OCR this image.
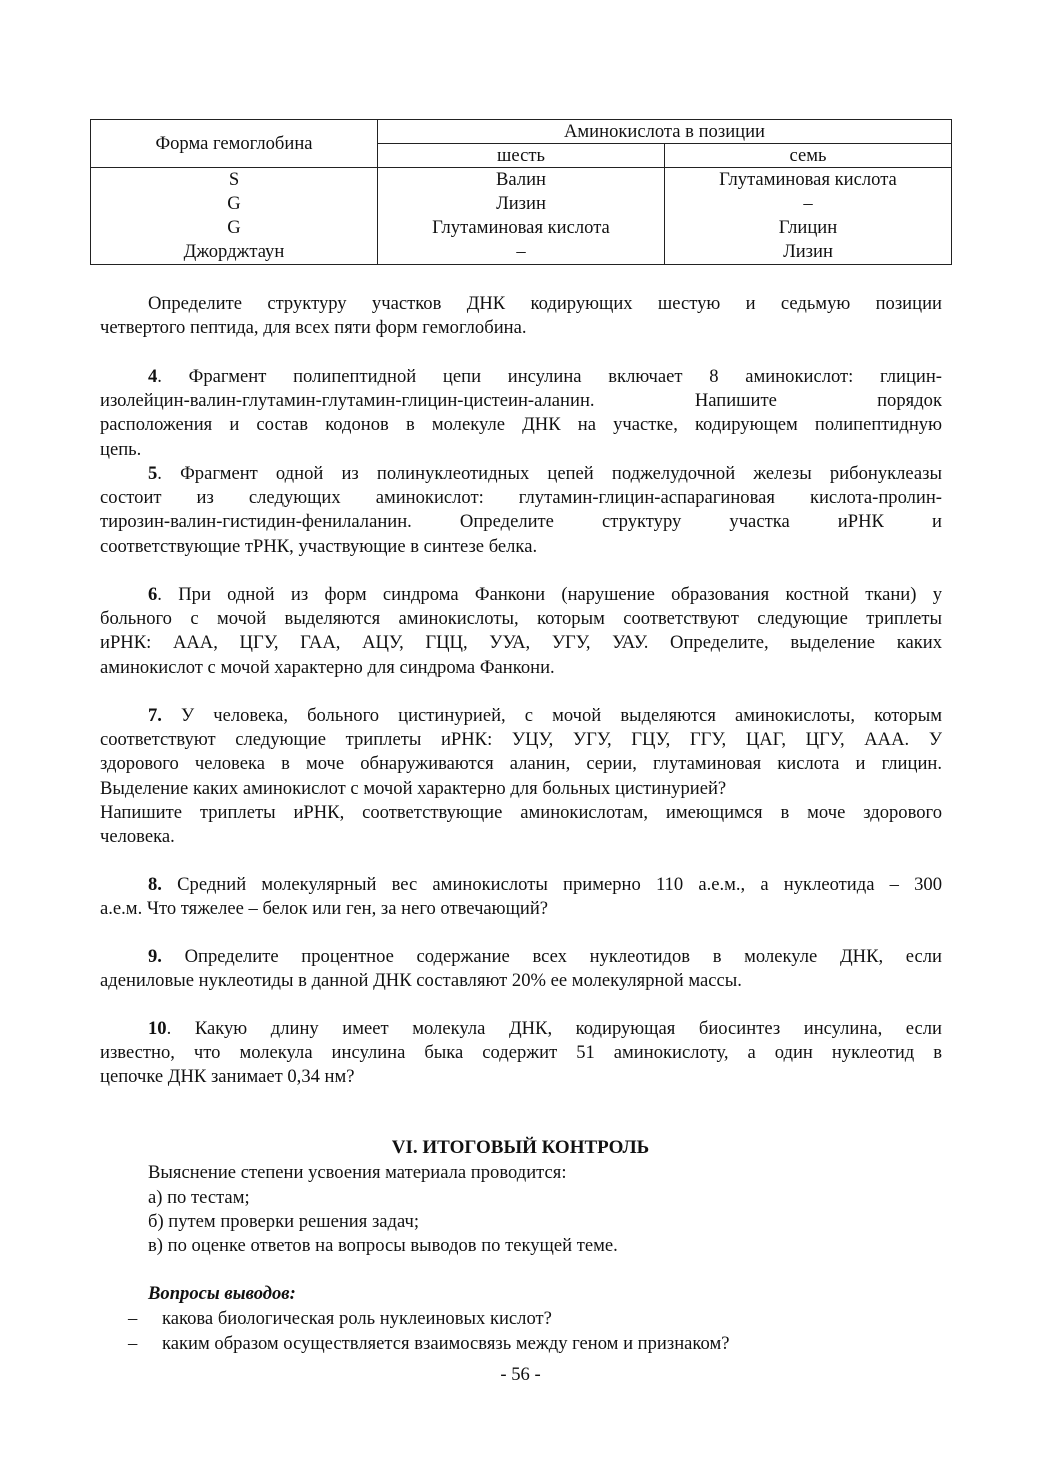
Форма гемоглобина	Аминокислота в позиции	
	шесть	семь
S	Валин	Глутаминовая кислота
G	Лизин	–
G	Глутаминовая кислота	Глицин
Джорджтаун	–	Лизин
Определите структуру участков ДНК кодирующих шестую и седьмую позиции
четвертого пептида, для всех пяти форм гемоглобина.
4. Фрагмент полипептидной цепи инсулина включает 8 аминокислот: глицин-
изолейцин-валин-глутамин-глутамин-глицин-цистеин-аланин. Напишите порядок
расположения и состав кодонов в молекуле ДНК на участке, кодирующем полипептидную
цепь.
5. Фрагмент одной из полинуклеотидных цепей поджелудочной железы рибонуклеазы
состоит из следующих аминокислот: глутамин-глицин-аспарагиновая кислота-пролин-
тирозин-валин-гистидин-фенилаланин. Определите структуру участка иРНК и
соответствующие тРНК, участвующие в синтезе белка.
6. При одной из форм синдрома Фанкони (нарушение образования костной ткани) у
больного с мочой выделяются аминокислоты, которым соответствуют следующие триплеты
иРНК: ААА, ЦГУ, ГАА, АЦУ, ГЦЦ, УУА, УГУ, УАУ. Определите, выделение каких
аминокислот с мочой характерно для синдрома Фанкони.
7. У человека, больного цистинурией, с мочой выделяются аминокислоты, которым
соответствуют следующие триплеты иРНК: УЦУ, УГУ, ГЦУ, ГГУ, ЦАГ, ЦГУ, ААА. У
здорового человека в моче обнаруживаются аланин, серии, глутаминовая кислота и глицин.
Выделение каких аминокислот с мочой характерно для больных цистинурией?
Напишите триплеты иРНК, соответствующие аминокислотам, имеющимся в моче здорового
человека.
8. Средний молекулярный вес аминокислоты примерно 110 а.е.м., а нуклеотида – 300
а.е.м. Что тяжелее – белок или ген, за него отвечающий?
9. Определите процентное содержание всех нуклеотидов в молекуле ДНК, если
адениловые нуклеотиды в данной ДНК составляют 20% ее молекулярной массы.
10. Какую длину имеет молекула ДНК, кодирующая биосинтез инсулина, если
известно, что молекула инсулина быка содержит 51 аминокислоту, а один нуклеотид в
цепочке ДНК занимает 0,34 нм?
VI. ИТОГОВЫЙ КОНТРОЛЬ
Выяснение степени усвоения материала проводится:
а) по тестам;
б) путем проверки решения задач;
в) по оценке ответов на вопросы выводов по текущей теме.
Вопросы выводов:
– какова биологическая роль нуклеиновых кислот?
– каким образом осуществляется взаимосвязь между геном и признаком?
- 56 -
